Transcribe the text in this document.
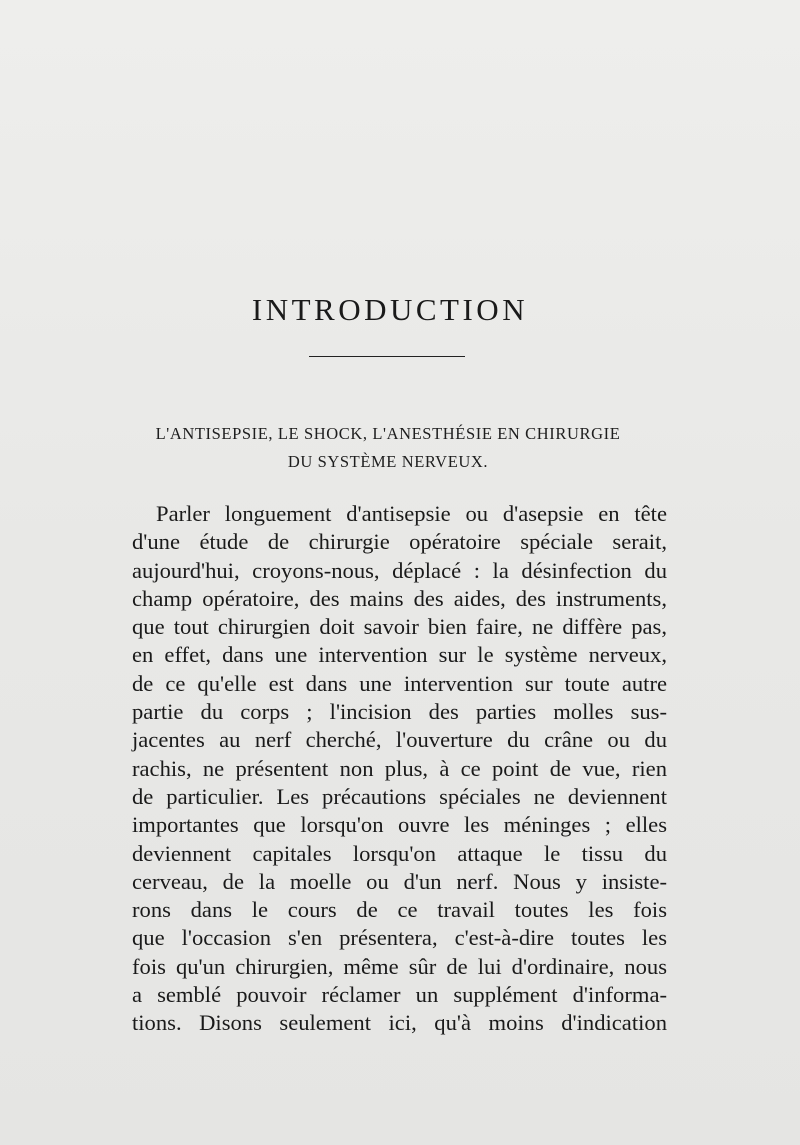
INTRODUCTION

L'ANTISEPSIE, LE SHOCK, L'ANESTHÉSIE EN CHIRURGIE

DU SYSTÈME NERVEUX.

Parler longuement d'antisepsie ou d'asepsie en tête
d'une étude de chirurgie opératoire spéciale serait,
aujourd'hui, croyons-nous, déplacé : la désinfection du
champ opératoire, des mains des aides, des instruments,
que tout chirurgien doit savoir bien faire, ne diffère pas,
en effet, dans une intervention sur le système nerveux,
de ce qu'elle est dans une intervention sur toute autre
partie du corps ; l'incision des parties molles sus-
jacentes au nerf cherché, l'ouverture du crâne ou du
rachis, ne présentent non plus, à ce point de vue, rien
de particulier. Les précautions spéciales ne deviennent
importantes que lorsqu'on ouvre les méninges ; elles
deviennent capitales lorsqu'on attaque le tissu du
cerveau, de la moelle ou d'un nerf. Nous y insiste-
rons dans le cours de ce travail toutes les fois
que l'occasion s'en présentera, c'est-à-dire toutes les
fois qu'un chirurgien, même sûr de lui d'ordinaire, nous
a semblé pouvoir réclamer un supplément d'informa-
tions. Disons seulement ici, qu'à moins d'indication
